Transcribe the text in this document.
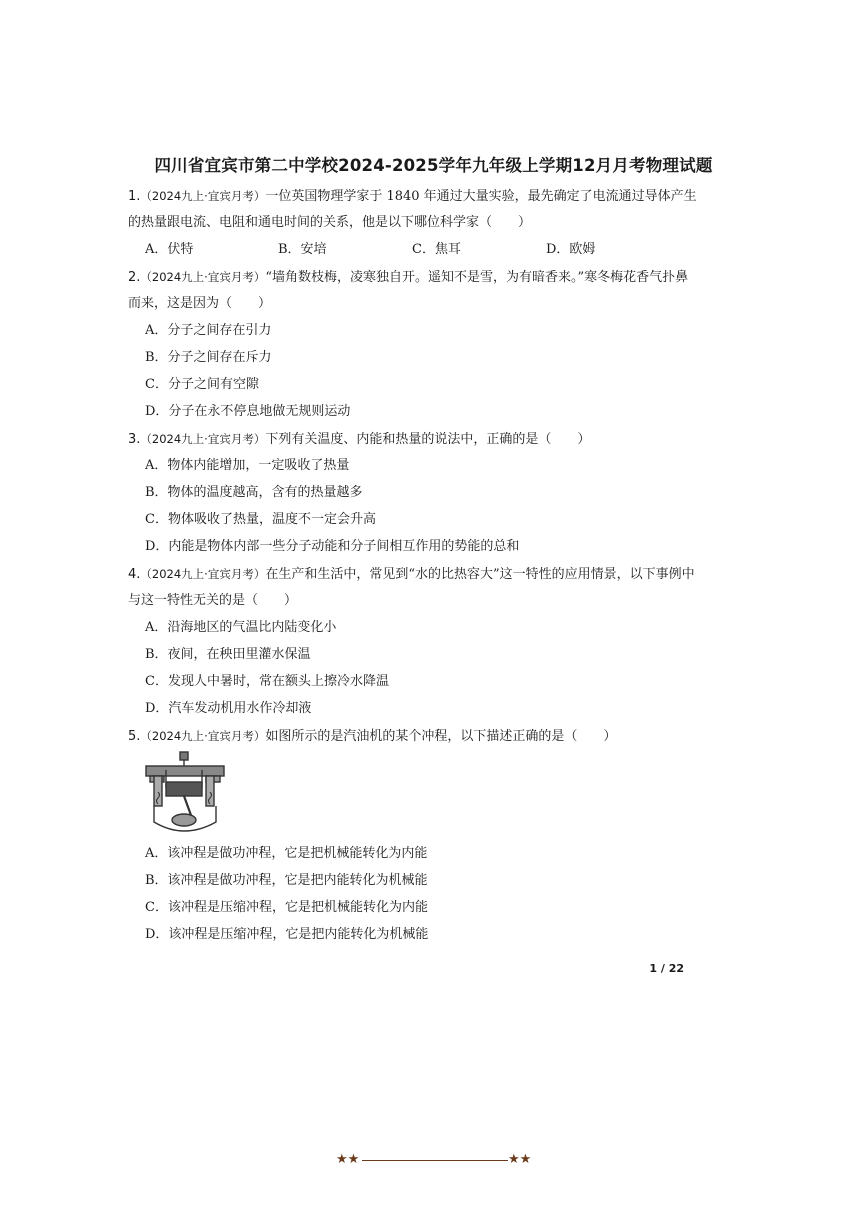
四川省宜宾市第二中学校2024-2025学年九年级上学期12月月考物理试题
1.（2024九上·宜宾月考）一位英国物理学家于 1840 年通过大量实验，最先确定了电流通过导体产生
的热量跟电流、电阻和通电时间的关系，他是以下哪位科学家（　　）
A．伏特	B．安培	C．焦耳	D．欧姆
2.（2024九上·宜宾月考）“墙角数枝梅，凌寒独自开。遥知不是雪，为有暗香来。”寒冬梅花香气扑鼻
而来，这是因为（　　）
A．分子之间存在引力
B．分子之间存在斥力
C．分子之间有空隙
D．分子在永不停息地做无规则运动
3.（2024九上·宜宾月考）下列有关温度、内能和热量的说法中，正确的是（　　）
A．物体内能增加，一定吸收了热量
B．物体的温度越高，含有的热量越多
C．物体吸收了热量，温度不一定会升高
D．内能是物体内部一些分子动能和分子间相互作用的势能的总和
4.（2024九上·宜宾月考）在生产和生活中，常见到“水的比热容大”这一特性的应用情景，以下事例中
与这一特性无关的是（　　）
A．沿海地区的气温比内陆变化小
B．夜间，在秧田里灌水保温
C．发现人中暑时，常在额头上擦冷水降温
D．汽车发动机用水作冷却液
5.（2024九上·宜宾月考）如图所示的是汽油机的某个冲程，以下描述正确的是（　　）
A．该冲程是做功冲程，它是把机械能转化为内能
B．该冲程是做功冲程，它是把内能转化为机械能
C．该冲程是压缩冲程，它是把机械能转化为内能
D．该冲程是压缩冲程，它是把内能转化为机械能
1 / 22
★★	★★
